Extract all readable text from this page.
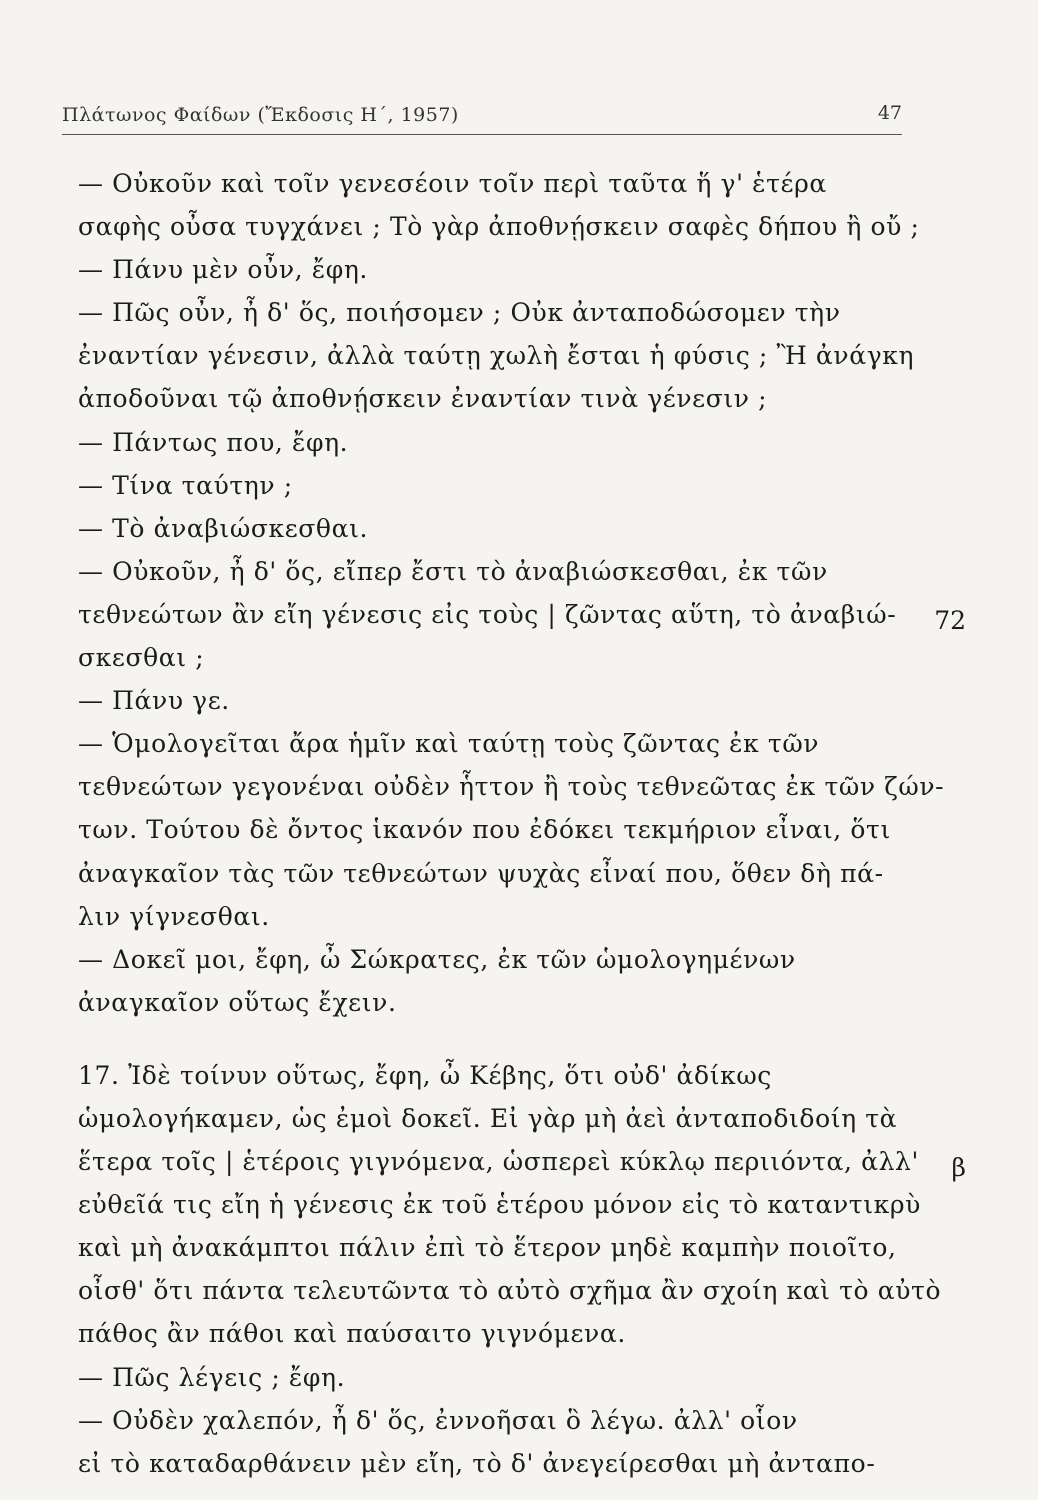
Πλάτωνος Φαίδων (Ἔκδοσις Η΄, 1957)	47
— Οὐκοῦν καὶ τοῖν γενεσέοιν τοῖν περὶ ταῦτα ἥ γ' ἑτέρα
σαφὴς οὖσα τυγχάνει ; Τὸ γὰρ ἀποθνῄσκειν σαφὲς δήπου ἢ οὔ ;
— Πάνυ μὲν οὖν, ἔφη.
— Πῶς οὖν, ἦ δ' ὅς, ποιήσομεν ; Οὐκ ἀνταποδώσομεν τὴν
ἐναντίαν γένεσιν, ἀλλὰ ταύτῃ χωλὴ ἔσται ἡ φύσις ; Ἢ ἀνάγκη
ἀποδοῦναι τῷ ἀποθνῄσκειν ἐναντίαν τινὰ γένεσιν ;
— Πάντως που, ἔφη.
— Τίνα ταύτην ;
— Τὸ ἀναβιώσκεσθαι.
— Οὐκοῦν, ἦ δ' ὅς, εἴπερ ἔστι τὸ ἀναβιώσκεσθαι, ἐκ τῶν
τεθνεώτων ἂν εἴη γένεσις εἰς τοὺς | ζῶντας αὕτη, τὸ ἀναβιώ-
σκεσθαι ;
— Πάνυ γε.
— Ὁμολογεῖται ἄρα ἡμῖν καὶ ταύτῃ τοὺς ζῶντας ἐκ τῶν
τεθνεώτων γεγονέναι οὐδὲν ἧττον ἢ τοὺς τεθνεῶτας ἐκ τῶν ζών-
των. Τούτου δὲ ὄντος ἱκανόν που ἐδόκει τεκμήριον εἶναι, ὅτι
ἀναγκαῖον τὰς τῶν τεθνεώτων ψυχὰς εἶναί που, ὅθεν δὴ πά-
λιν γίγνεσθαι.
— Δοκεῖ μοι, ἔφη, ὦ Σώκρατες, ἐκ τῶν ὡμολογημένων
ἀναγκαῖον οὕτως ἔχειν.
17. Ἰδὲ τοίνυν οὕτως, ἔφη, ὦ Κέβης, ὅτι οὐδ' ἀδίκως
ὡμολογήκαμεν, ὡς ἐμοὶ δοκεῖ. Εἰ γὰρ μὴ ἀεὶ ἀνταποδιδοίη τὰ
ἕτερα τοῖς | ἑτέροις γιγνόμενα, ὡσπερεὶ κύκλῳ περιιόντα, ἀλλ'
εὐθεῖά τις εἴη ἡ γένεσις ἐκ τοῦ ἑτέρου μόνον εἰς τὸ καταντικρὺ
καὶ μὴ ἀνακάμπτοι πάλιν ἐπὶ τὸ ἕτερον μηδὲ καμπὴν ποιοῖτο,
οἶσθ' ὅτι πάντα τελευτῶντα τὸ αὐτὸ σχῆμα ἂν σχοίη καὶ τὸ αὐτὸ
πάθος ἂν πάθοι καὶ παύσαιτο γιγνόμενα.
— Πῶς λέγεις ; ἔφη.
— Οὐδὲν χαλεπόν, ἦ δ' ὅς, ἐννοῆσαι ὃ λέγω. ἀλλ' οἷον
εἰ τὸ καταδαρθάνειν μὲν εἴη, τὸ δ' ἀνεγείρεσθαι μὴ ἀνταπο-
72
β
